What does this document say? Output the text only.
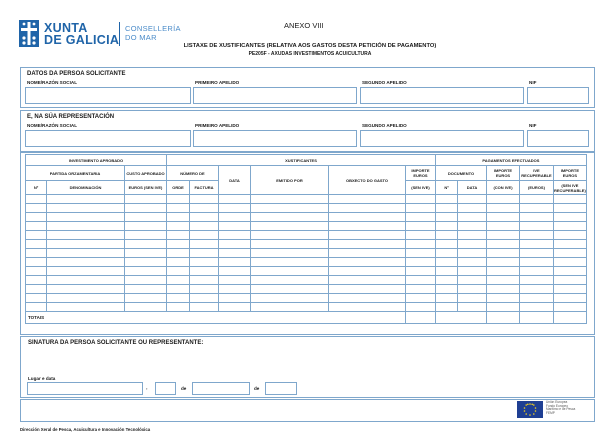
XUNTA
DE GALICIA
CONSELLERÍA
DO MAR
ANEXO VIII
LISTAXE DE XUSTIFICANTES (RELATIVA AOS GASTOS DESTA PETICIÓN DE PAGAMENTO)
PE205F - AXUDAS INVESTIMENTOS ACUICULTURA
DATOS DA PERSOA SOLICITANTE
NOME/RAZÓN SOCIAL	PRIMEIRO APELIDO	SEGUNDO APELIDO	NIF
E, NA SÚA REPRESENTACIÓN
NOME/RAZÓN SOCIAL	PRIMEIRO APELIDO	SEGUNDO APELIDO	NIF
INVESTIMENTO APROBADO			XUSTIFICANTES						PAGAMENTOS EFECTUADOS				
PARTIDA ORZAMENTARIA		CUSTO APROBADO	NÚMERO DE		DATA	EMITIDO POR	OBXECTO DO GASTO	IMPORTE EUROS	DOCUMENTO		IMPORTE EUROS	IVE RECUPERABLE	IMPORTE EUROS
Nº	DENOMINACIÓN	EUROS (SEN IVE)	ORDE	FACTURA				(SEN IVE)	Nº	DATA	(CON IVE)	(EUROS)	(SEN IVE RECUPERABLE)

TOTAIS													
SINATURA DA PERSOA SOLICITANTE OU REPRESENTANTE:
Lugar e data
,	de	de
Unión Europea
Fondo Europeo
Marítimo e de Pesca
FEMP
Dirección Xeral de Pesca, Acuicultura e Innovación Tecnolóxica
